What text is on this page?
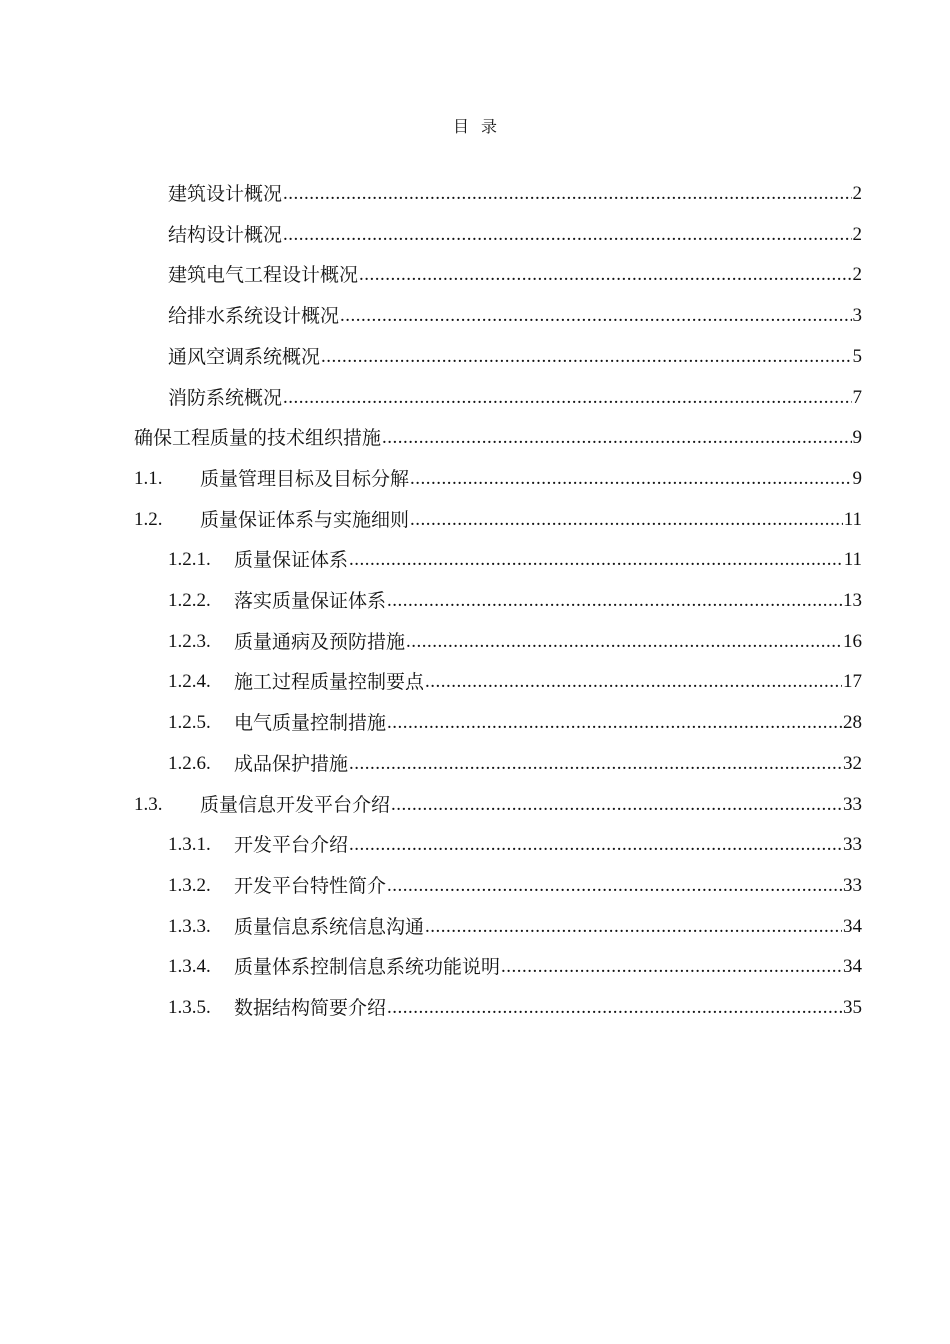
目录
建筑设计概况 .....	2
结构设计概况 .....	2
建筑电气工程设计概况 .....	2
给排水系统设计概况 .....	3
通风空调系统概况 .....	5
消防系统概况 .....	7
确保工程质量的技术组织措施 .....	9
1.1.	质量管理目标及目标分解 .....	9
1.2.	质量保证体系与实施细则 .....	11
1.2.1.	质量保证体系 .....	11
1.2.2.	落实质量保证体系 .....	13
1.2.3.	质量通病及预防措施 .....	16
1.2.4.	施工过程质量控制要点 .....	17
1.2.5.	电气质量控制措施 .....	28
1.2.6.	成品保护措施 .....	32
1.3.	质量信息开发平台介绍 .....	33
1.3.1.	开发平台介绍 .....	33
1.3.2.	开发平台特性简介 .....	33
1.3.3.	质量信息系统信息沟通 .....	34
1.3.4.	质量体系控制信息系统功能说明 .....	34
1.3.5.	数据结构简要介绍 .....	35
